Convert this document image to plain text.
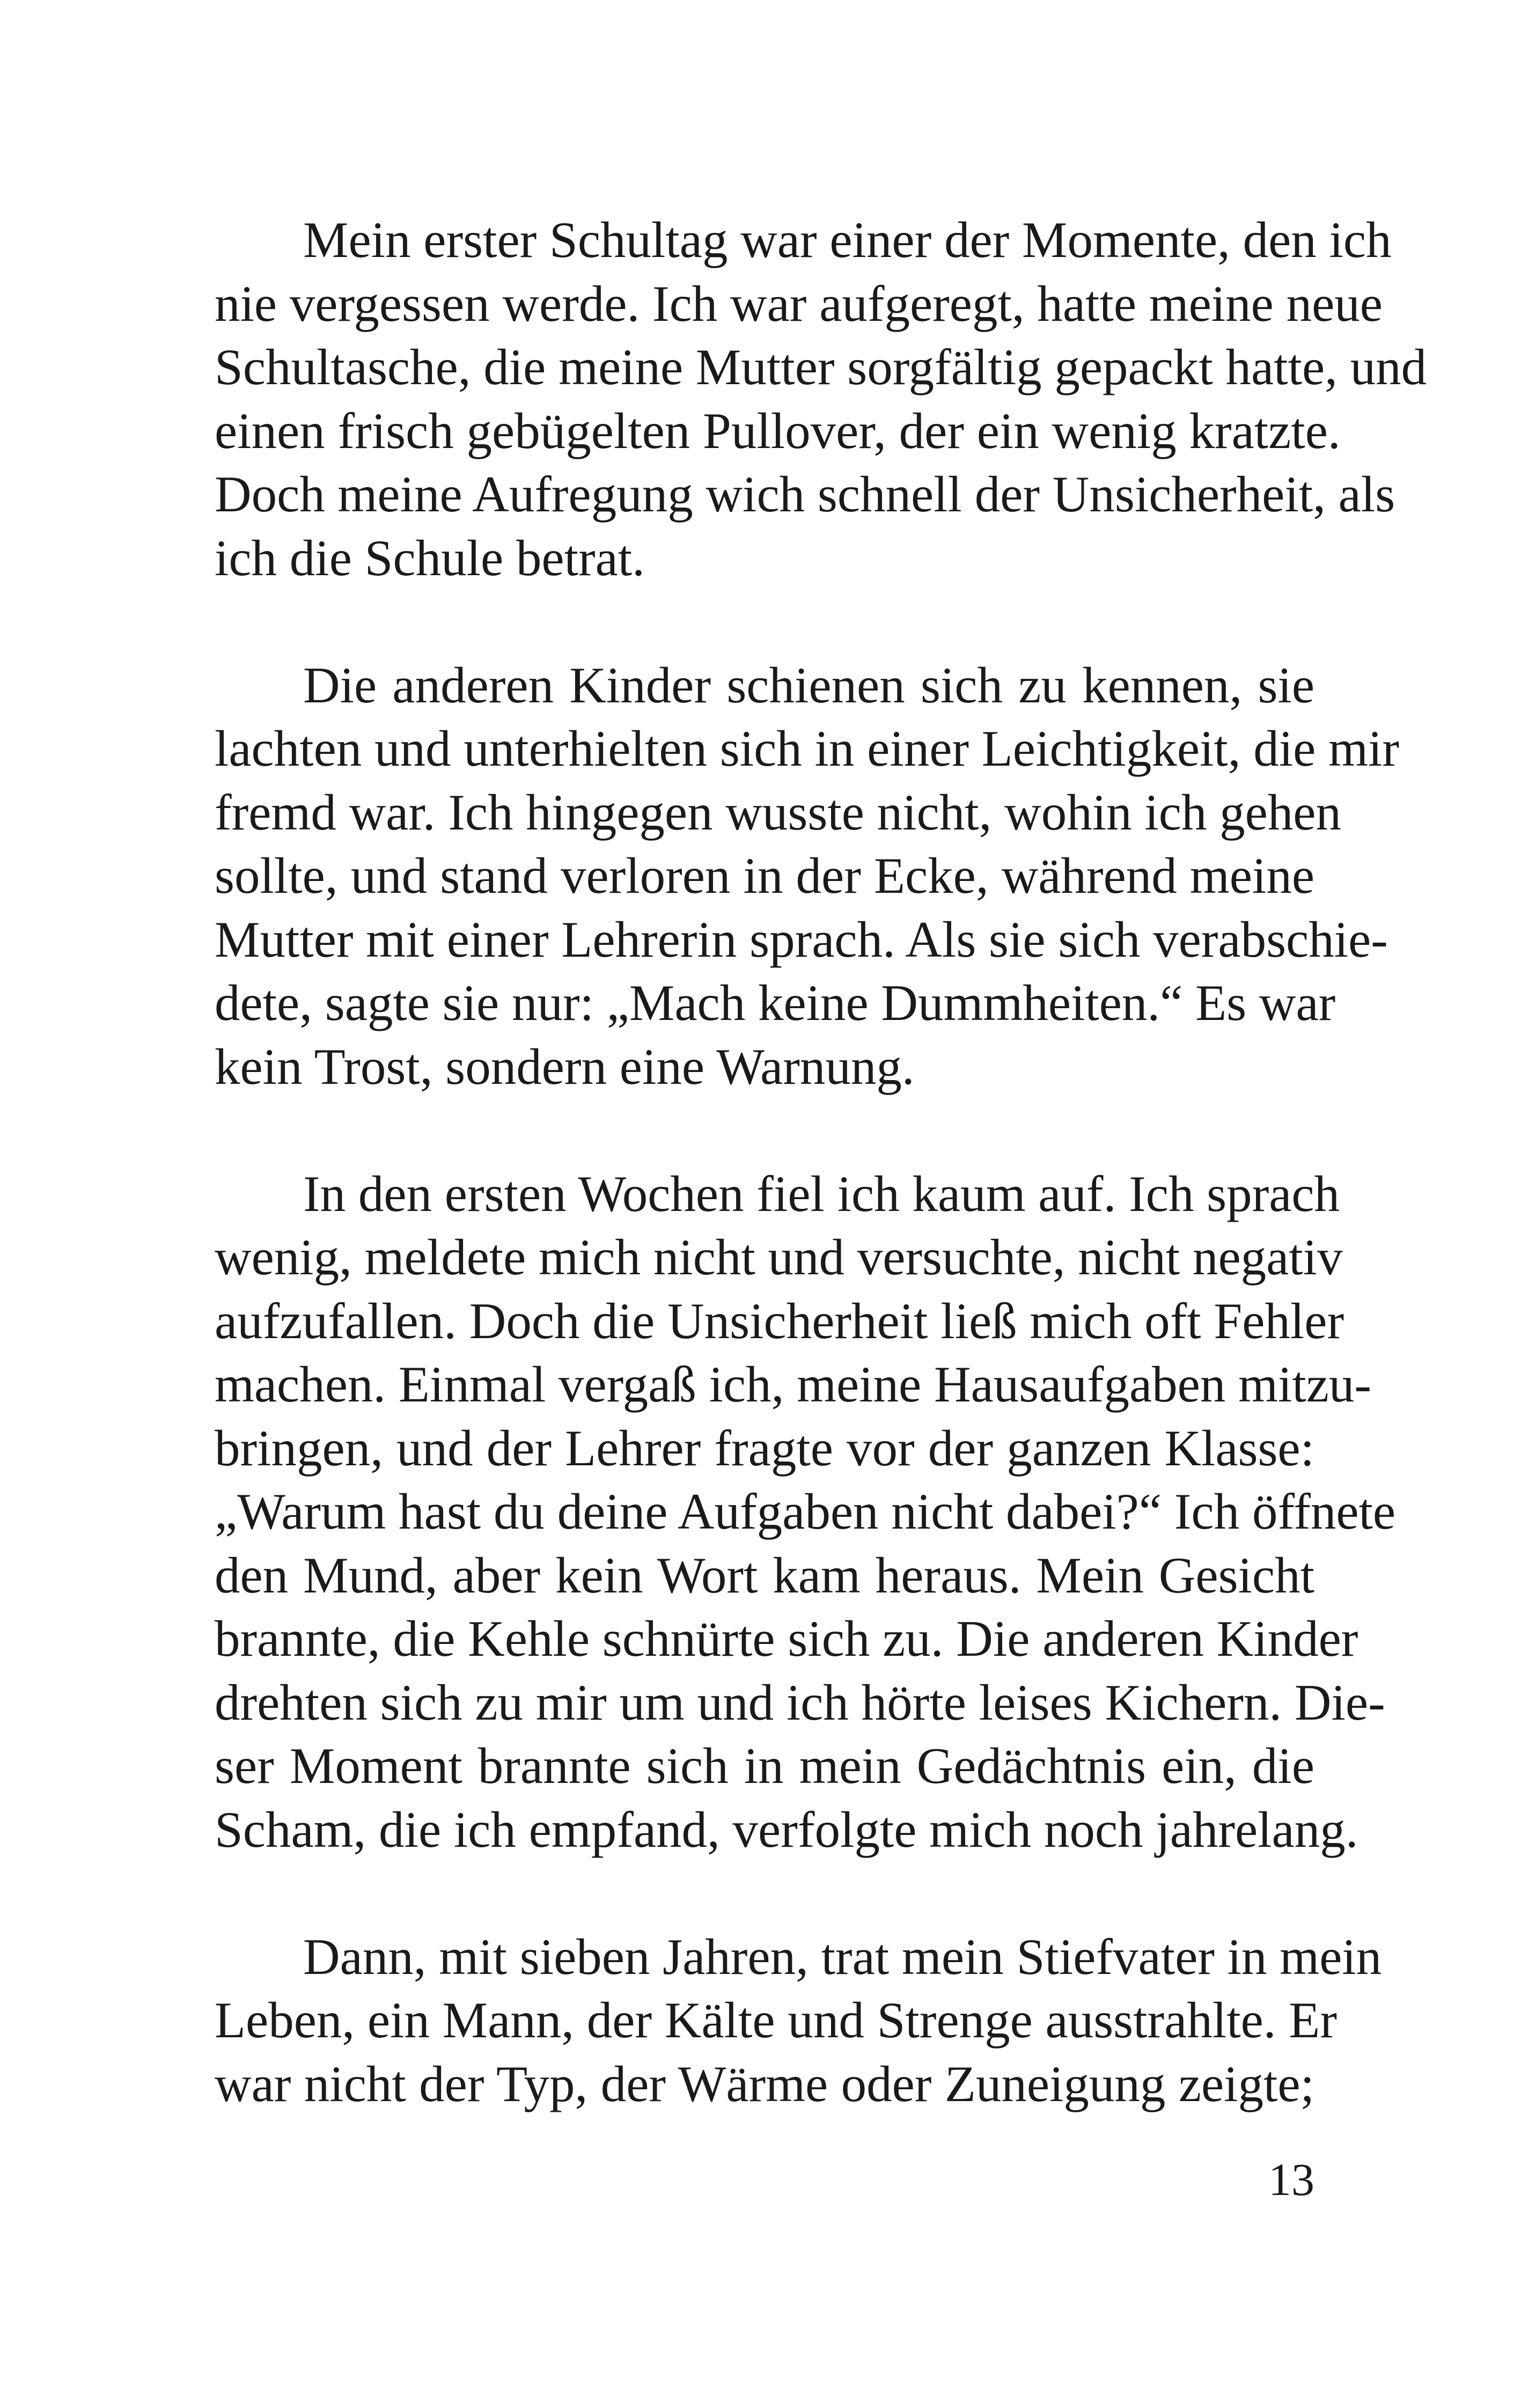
Mein erster Schultag war einer der Momente, den ich
nie vergessen werde. Ich war aufgeregt, hatte meine neue
Schultasche, die meine Mutter sorgfältig gepackt hatte, und
einen frisch gebügelten Pullover, der ein wenig kratzte.
Doch meine Aufregung wich schnell der Unsicherheit, als
ich die Schule betrat.
Die anderen Kinder schienen sich zu kennen, sie
lachten und unterhielten sich in einer Leichtigkeit, die mir
fremd war. Ich hingegen wusste nicht, wohin ich gehen
sollte, und stand verloren in der Ecke, während meine
Mutter mit einer Lehrerin sprach. Als sie sich verabschie-
dete, sagte sie nur: „Mach keine Dummheiten.“ Es war
kein Trost, sondern eine Warnung.
In den ersten Wochen fiel ich kaum auf. Ich sprach
wenig, meldete mich nicht und versuchte, nicht negativ
aufzufallen. Doch die Unsicherheit ließ mich oft Fehler
machen. Einmal vergaß ich, meine Hausaufgaben mitzu-
bringen, und der Lehrer fragte vor der ganzen Klasse:
„Warum hast du deine Aufgaben nicht dabei?“ Ich öffnete
den Mund, aber kein Wort kam heraus. Mein Gesicht
brannte, die Kehle schnürte sich zu. Die anderen Kinder
drehten sich zu mir um und ich hörte leises Kichern. Die-
ser Moment brannte sich in mein Gedächtnis ein, die
Scham, die ich empfand, verfolgte mich noch jahrelang.
Dann, mit sieben Jahren, trat mein Stiefvater in mein
Leben, ein Mann, der Kälte und Strenge ausstrahlte. Er
war nicht der Typ, der Wärme oder Zuneigung zeigte;
13
